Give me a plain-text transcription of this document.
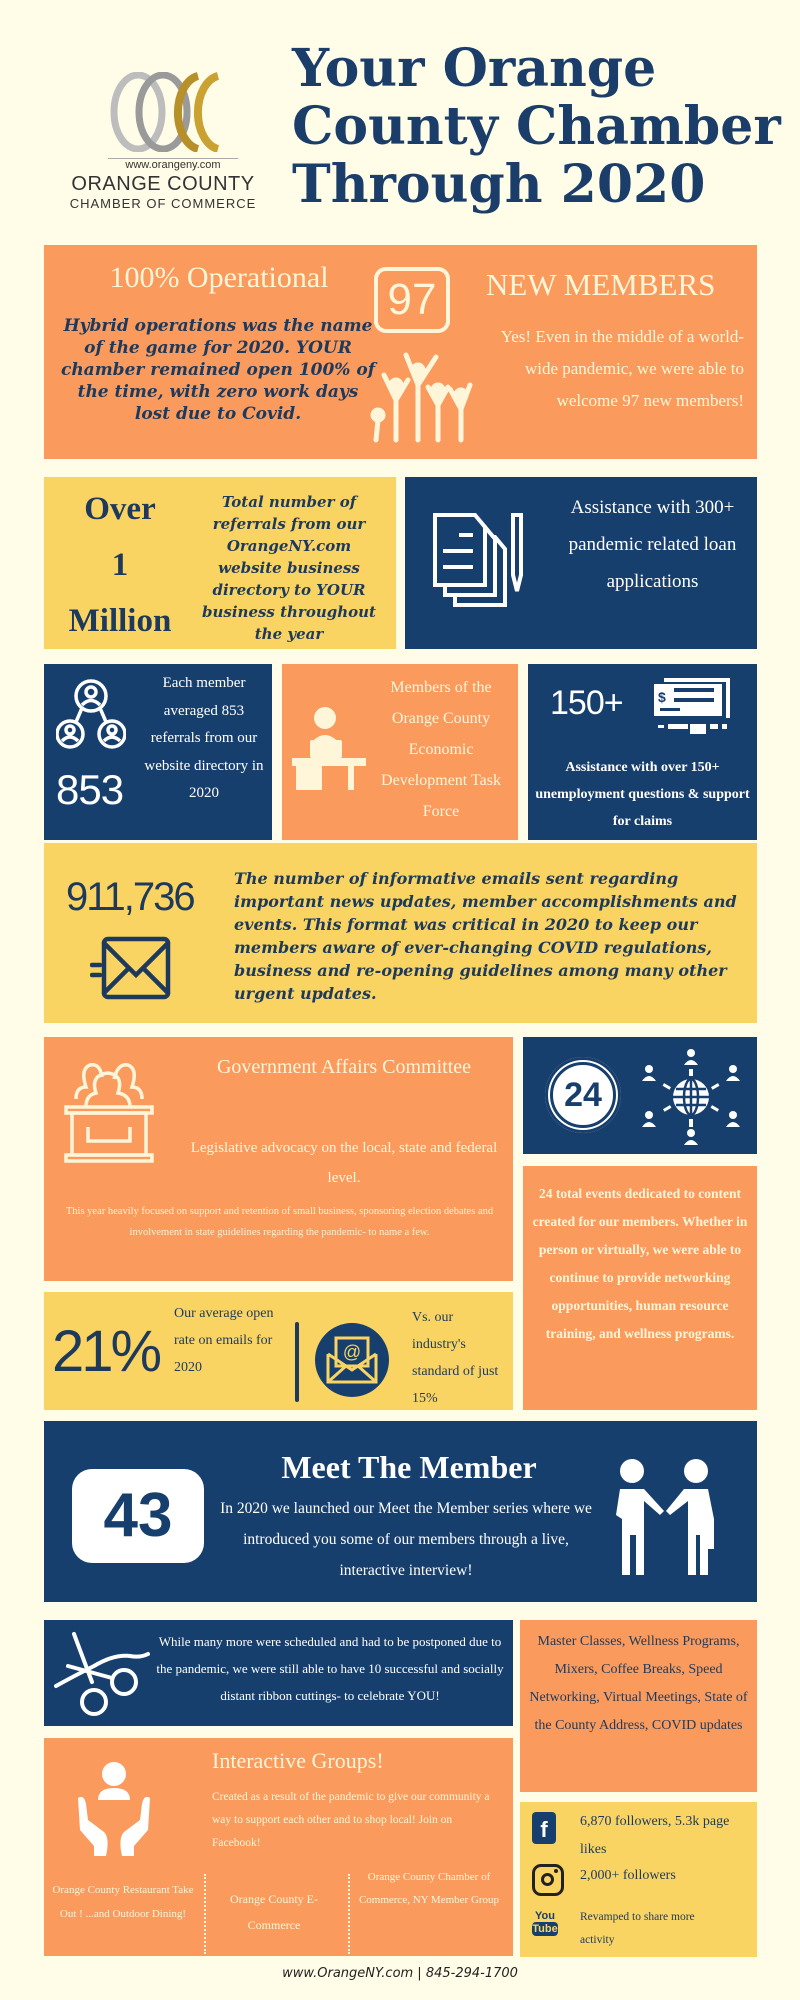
www.orangeny.com
ORANGE COUNTY
CHAMBER OF COMMERCE
Your Orange
County Chamber
Through 2020
100% Operational
Hybrid operations was the name of the game for 2020. YOUR chamber remained open 100% of the time, with zero work days lost due to Covid.
97	NEW MEMBERS
Yes! Even in the middle of a world-wide pandemic, we were able to welcome 97 new members!
Over
1
Million
Total number of referrals from our OrangeNY.com website business directory to YOUR business throughout the year
Assistance with 300+ pandemic related loan applications
853
Each member averaged 853 referrals from our website directory in 2020
Members of the Orange County Economic Development Task Force
150+	$
Assistance with over 150+ unemployment questions & support for claims
911,736	The number of informative emails sent regarding important news updates, member accomplishments and events. This format was critical in 2020 to keep our members aware of ever-changing COVID regulations, business and re-opening guidelines among many other urgent updates.
Government Affairs Committee
Legislative advocacy on the local, state and federal level.
This year heavily focused on support and retention of small business, sponsoring election debates and involvement in state guidelines regarding the pandemic- to name a few.
24
24 total events dedicated to content created for our members. Whether in person or virtually, we were able to continue to provide networking opportunities, human resource training, and wellness programs.
21%
Our average open rate on emails for 2020
@
Vs. our industry's standard of just 15%
43
Meet The Member
In 2020 we launched our Meet the Member series where we introduced you some of our members through a live, interactive interview!
While many more were scheduled and had to be postponed due to the pandemic, we were still able to have 10 successful and socially distant ribbon cuttings- to celebrate YOU!
Master Classes, Wellness Programs, Mixers, Coffee Breaks, Speed Networking, Virtual Meetings, State of the County Address, COVID updates
Interactive Groups!
Created as a result of the pandemic to give our community a way to support each other and to shop local! Join on Facebook!
Orange County Restaurant Take Out ! ...and Outdoor Dining!
Orange County E-Commerce
Orange County Chamber of Commerce, NY Member Group
f	6,870 followers, 5.3k page likes
2,000+ followers
You
Tube
Revamped to share more activity
www.OrangeNY.com | 845-294-1700
